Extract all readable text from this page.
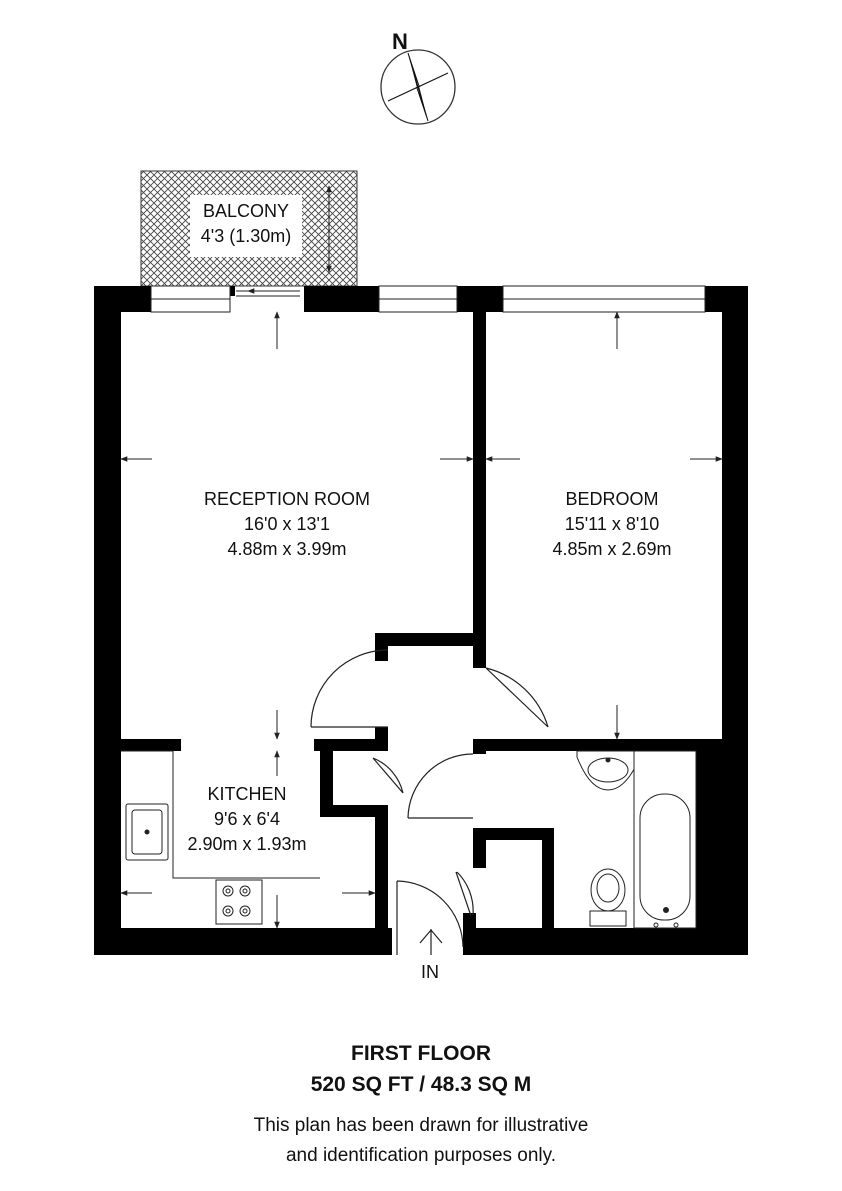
N
BALCONY
4'3 (1.30m)
IN
RECEPTION ROOM
16'0 x 13'1
4.88m x 3.99m
BEDROOM
15'11 x 8'10
4.85m x 2.69m
KITCHEN
9'6 x 6'4
2.90m x 1.93m
FIRST FLOOR
520 SQ FT / 48.3 SQ M
This plan has been drawn for illustrative
and identification purposes only.
